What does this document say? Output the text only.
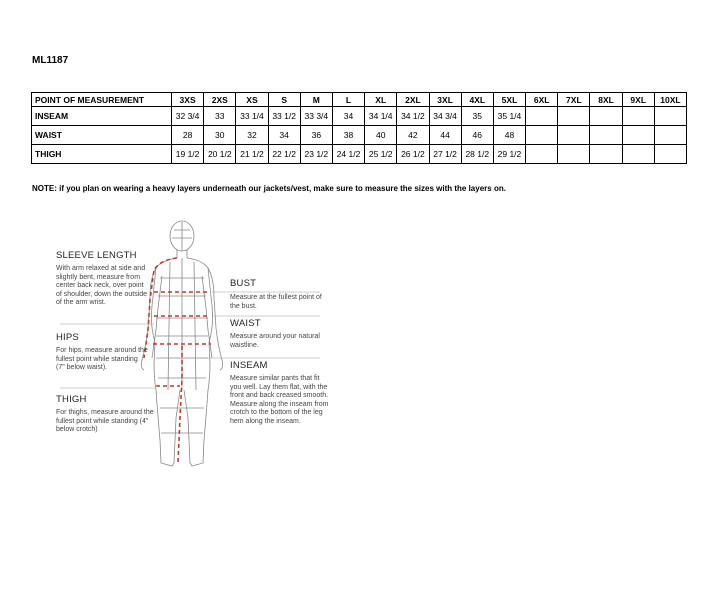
ML1187
POINT OF MEASUREMENT	3XS	2XS	XS	S	M	L	XL	2XL	3XL	4XL	5XL	6XL	7XL	8XL	9XL	10XL
INSEAM	32 3/4	33	33 1/4	33 1/2	33 3/4	34	34 1/4	34 1/2	34 3/4	35	35 1/4					
WAIST	28	30	32	34	36	38	40	42	44	46	48					
THIGH	19 1/2	20 1/2	21 1/2	22 1/2	23 1/2	24 1/2	25 1/2	26 1/2	27 1/2	28 1/2	29 1/2					
NOTE: if you plan on wearing a heavy layers underneath our jackets/vest, make sure to measure the sizes with the layers on.
SLEEVE LENGTH
With arm relaxed at side and slightly bent, measure from center back neck, over point of shoulder, down the outside of the arm wrist.
HIPS
For hips, measure around the fullest point while standing (7" below waist).
THIGH
For thighs, measure around the fullest point while standing (4" below crotch)
BUST
Measure at the fullest point of the bust.
WAIST
Measure around your natural waistline.
INSEAM
Measure similar pants that fit you well. Lay them flat, with the front and back creased smooth. Measure along the inseam from crotch to the bottom of the leg hem along the inseam.
